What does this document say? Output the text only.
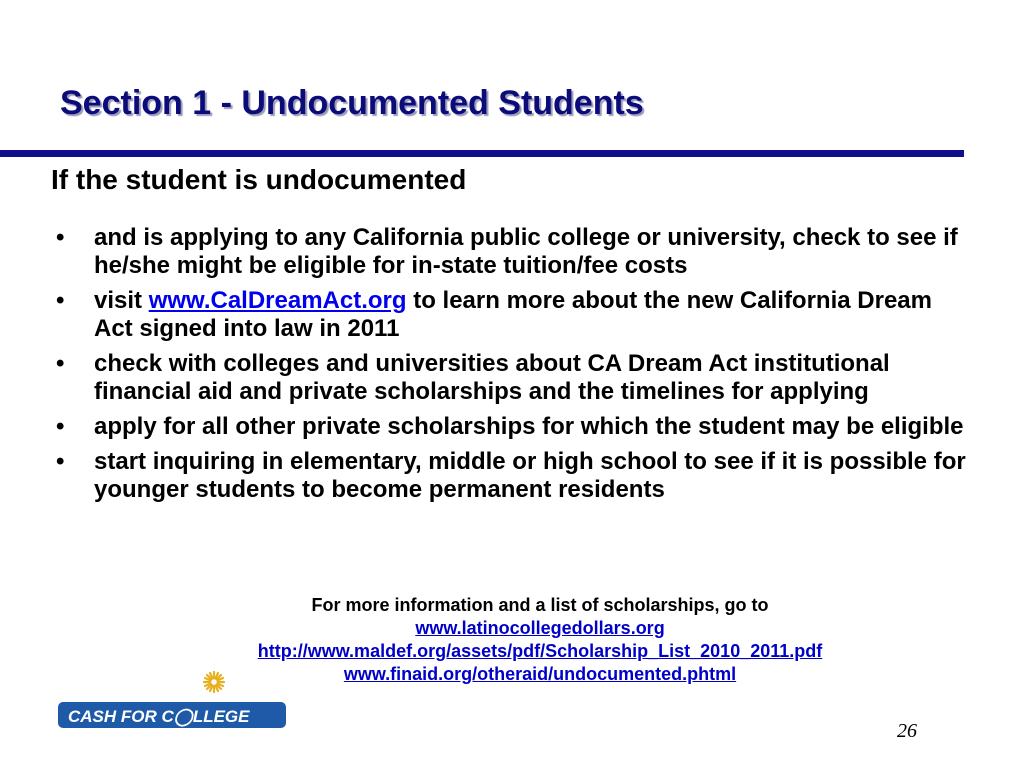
Section 1 - Undocumented Students
If the student is undocumented
• and is applying to any California public college or university, check to see if he/she might be eligible for in-state tuition/fee costs
• visit www.CalDreamAct.org to learn more about the new California Dream Act signed into law in 2011
• check with colleges and universities about CA Dream Act institutional financial aid and private scholarships and the timelines for applying
• apply for all other private scholarships for which the student may be eligible
• start inquiring in elementary, middle or high school to see if it is possible for younger students to become permanent residents
For more information and a list of scholarships, go to
www.latinocollegedollars.org
http://www.maldef.org/assets/pdf/Scholarship_List_2010_2011.pdf
www.finaid.org/otheraid/undocumented.phtml
CASH FOR C◯LLEGE
26
